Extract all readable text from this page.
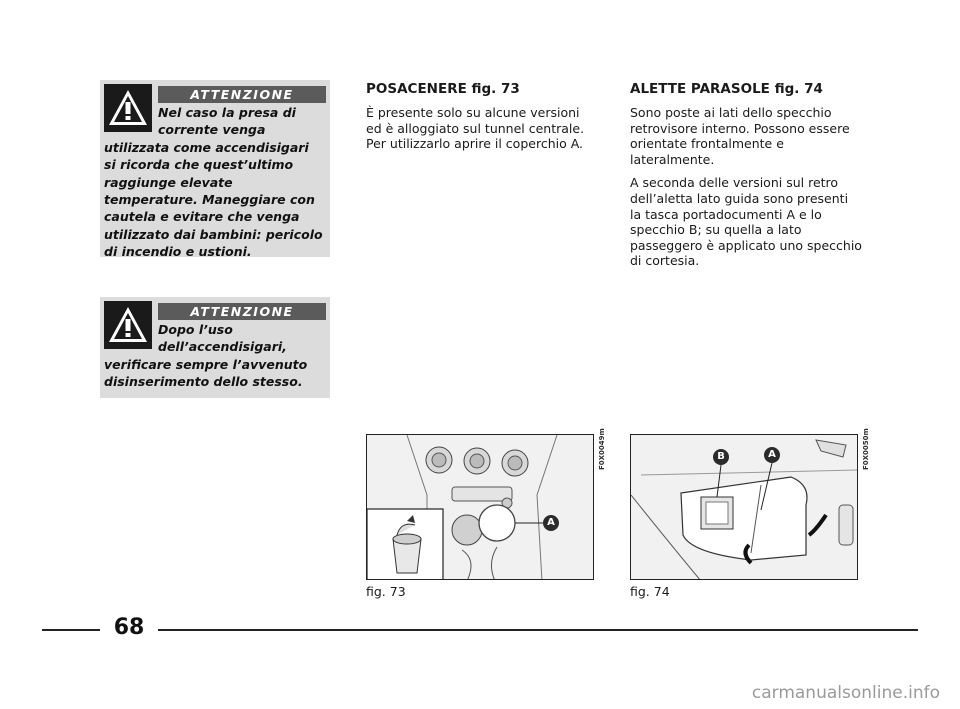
ATTENZIONE
Nel caso la presa di corrente venga utilizzata come accendisigari si ricorda che quest’ultimo raggiunge elevate temperature. Maneggiare con cautela e evitare che venga utilizzato dai bambini: pericolo di incendio e ustioni.
ATTENZIONE
Dopo l’uso dell’accendisigari, verificare sempre l’avvenuto disinserimento dello stesso.
POSACENERE fig. 73

È presente solo su alcune versioni ed è alloggiato sul tunnel centrale. Per utilizzarlo aprire il coperchio A.

ALETTE PARASOLE fig. 74

Sono poste ai lati dello specchio retrovisore interno. Possono essere orientate frontalmente e lateralmente.

A seconda delle versioni sul retro dell’aletta lato guida sono presenti la tasca portadocumenti A e lo specchio B; su quella a lato passeggero è applicato uno specchio di cortesia.

A
F0X0049m
fig. 73
B	A	F0X0050m
fig. 74
68
carmanualsonline.info
